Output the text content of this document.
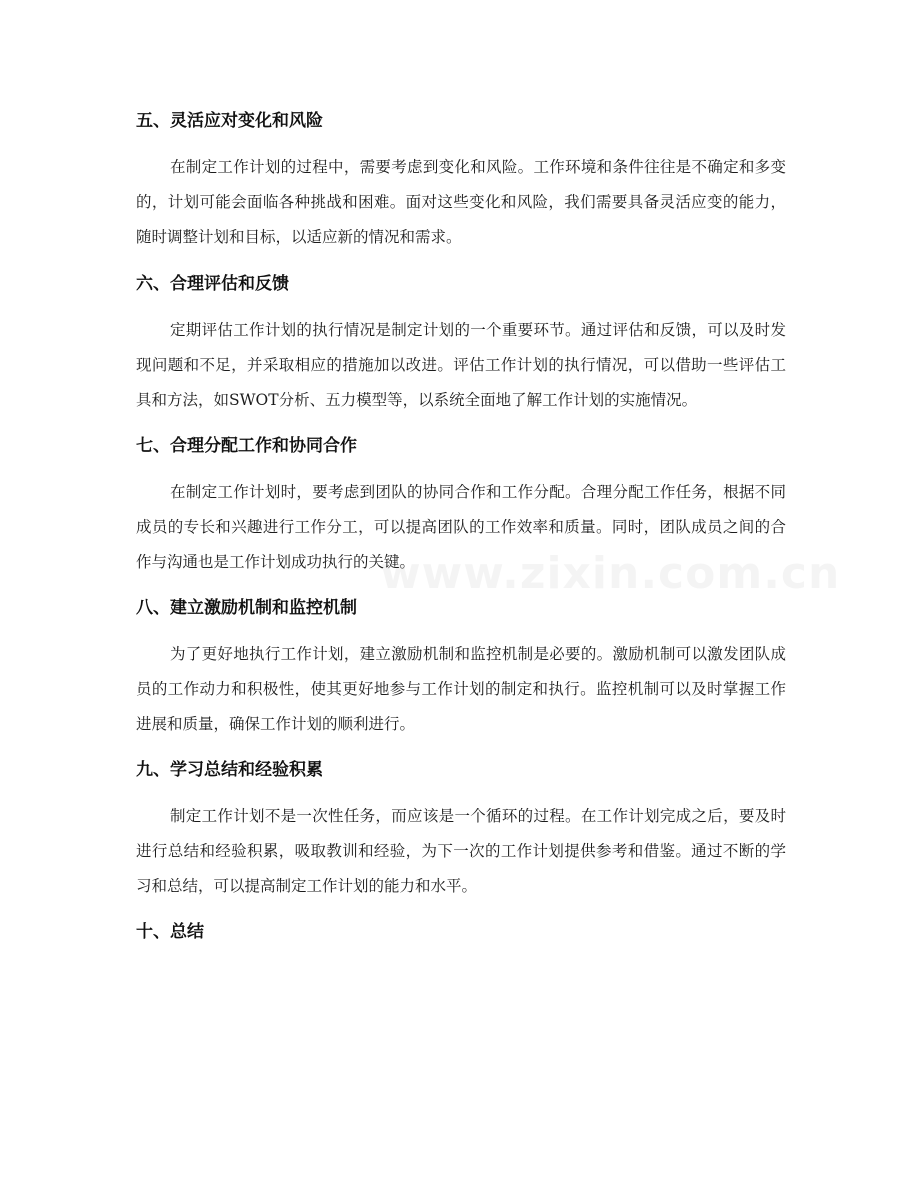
五、灵活应对变化和风险

在制定工作计划的过程中，需要考虑到变化和风险。工作环境和条件往往是不确定和多变的，计划可能会面临各种挑战和困难。面对这些变化和风险，我们需要具备灵活应变的能力，随时调整计划和目标，以适应新的情况和需求。

六、合理评估和反馈

定期评估工作计划的执行情况是制定计划的一个重要环节。通过评估和反馈，可以及时发现问题和不足，并采取相应的措施加以改进。评估工作计划的执行情况，可以借助一些评估工具和方法，如SWOT分析、五力模型等，以系统全面地了解工作计划的实施情况。

七、合理分配工作和协同合作

在制定工作计划时，要考虑到团队的协同合作和工作分配。合理分配工作任务，根据不同成员的专长和兴趣进行工作分工，可以提高团队的工作效率和质量。同时，团队成员之间的合作与沟通也是工作计划成功执行的关键。

八、建立激励机制和监控机制

为了更好地执行工作计划，建立激励机制和监控机制是必要的。激励机制可以激发团队成员的工作动力和积极性，使其更好地参与工作计划的制定和执行。监控机制可以及时掌握工作进展和质量，确保工作计划的顺利进行。

九、学习总结和经验积累

制定工作计划不是一次性任务，而应该是一个循环的过程。在工作计划完成之后，要及时进行总结和经验积累，吸取教训和经验，为下一次的工作计划提供参考和借鉴。通过不断的学习和总结，可以提高制定工作计划的能力和水平。

十、总结
